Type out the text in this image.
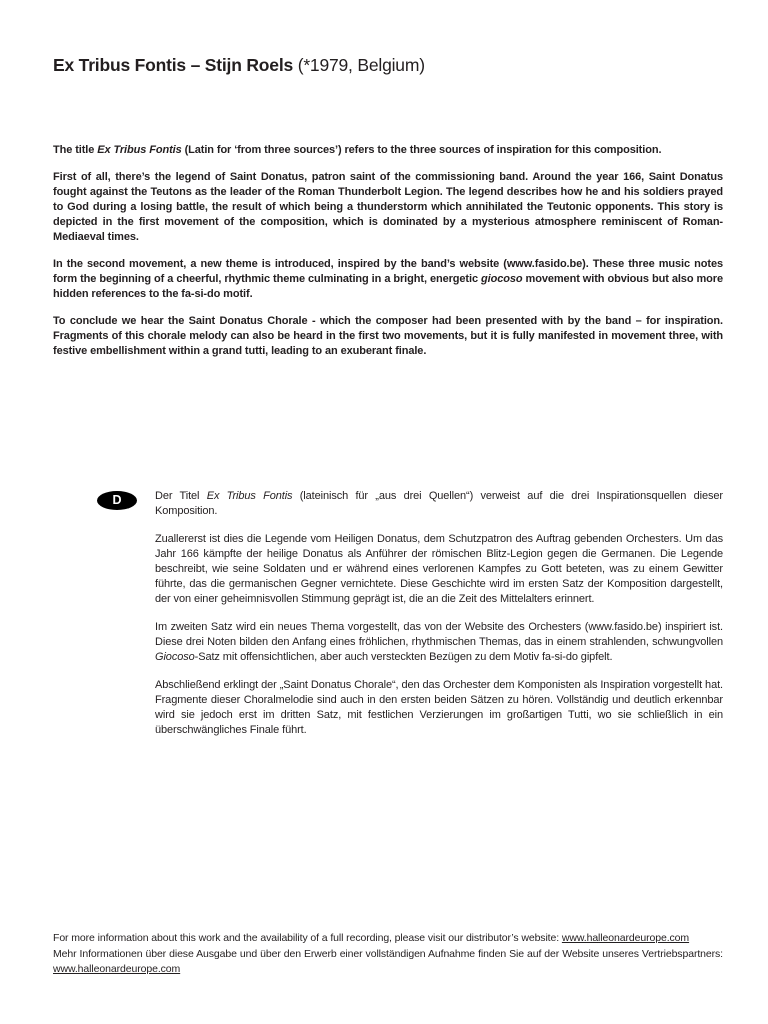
Ex Tribus Fontis – Stijn Roels (*1979, Belgium)

The title Ex Tribus Fontis (Latin for ‘from three sources’) refers to the three sources of inspiration for this composition.

First of all, there’s the legend of Saint Donatus, patron saint of the commissioning band. Around the year 166, Saint Donatus fought against the Teutons as the leader of the Roman Thunderbolt Legion. The legend describes how he and his soldiers prayed to God during a losing battle, the result of which being a thunderstorm which annihilated the Teutonic opponents. This story is depicted in the first movement of the composition, which is dominated by a mysterious atmosphere reminiscent of Roman-Mediaeval times.

In the second movement, a new theme is introduced, inspired by the band’s website (www.fasido.be). These three music notes form the beginning of a cheerful, rhythmic theme culminating in a bright, energetic giocoso movement with obvious but also more hidden references to the fa-si-do motif.

To conclude we hear the Saint Donatus Chorale - which the composer had been presented with by the band – for inspiration. Fragments of this chorale melody can also be heard in the first two movements, but it is fully manifested in movement three, with festive embellishment within a grand tutti, leading to an exuberant finale.

D	Der Titel Ex Tribus Fontis (lateinisch für „aus drei Quellen“) verweist auf die drei Inspirationsquellen dieser Komposition.

Zuallererst ist dies die Legende vom Heiligen Donatus, dem Schutzpatron des Auftrag gebenden Orchesters. Um das Jahr 166 kämpfte der heilige Donatus als Anführer der römischen Blitz-Legion gegen die Germanen. Die Legende beschreibt, wie seine Soldaten und er während eines verlorenen Kampfes zu Gott beteten, was zu einem Gewitter führte, das die germanischen Gegner vernichtete. Diese Geschichte wird im ersten Satz der Komposition dargestellt, der von einer geheimnisvollen Stimmung geprägt ist, die an die Zeit des Mittelalters erinnert.

Im zweiten Satz wird ein neues Thema vorgestellt, das von der Website des Orchesters (www.fasido.be) inspiriert ist. Diese drei Noten bilden den Anfang eines fröhlichen, rhythmischen Themas, das in einem strahlenden, schwungvollen Giocoso-Satz mit offensichtlichen, aber auch versteckten Bezügen zu dem Motiv fa-si-do gipfelt.

Abschließend erklingt der „Saint Donatus Chorale“, den das Orchester dem Komponisten als Inspiration vorgestellt hat. Fragmente dieser Choralmelodie sind auch in den ersten beiden Sätzen zu hören. Vollständig und deutlich erkennbar wird sie jedoch erst im dritten Satz, mit festlichen Verzierungen im großartigen Tutti, wo sie schließlich in ein überschwängliches Finale führt.

For more information about this work and the availability of a full recording, please visit our distributor’s website: www.halleonardeurope.com

Mehr Informationen über diese Ausgabe und über den Erwerb einer vollständigen Aufnahme finden Sie auf der Website unseres Vertriebspartners: www.halleonardeurope.com
